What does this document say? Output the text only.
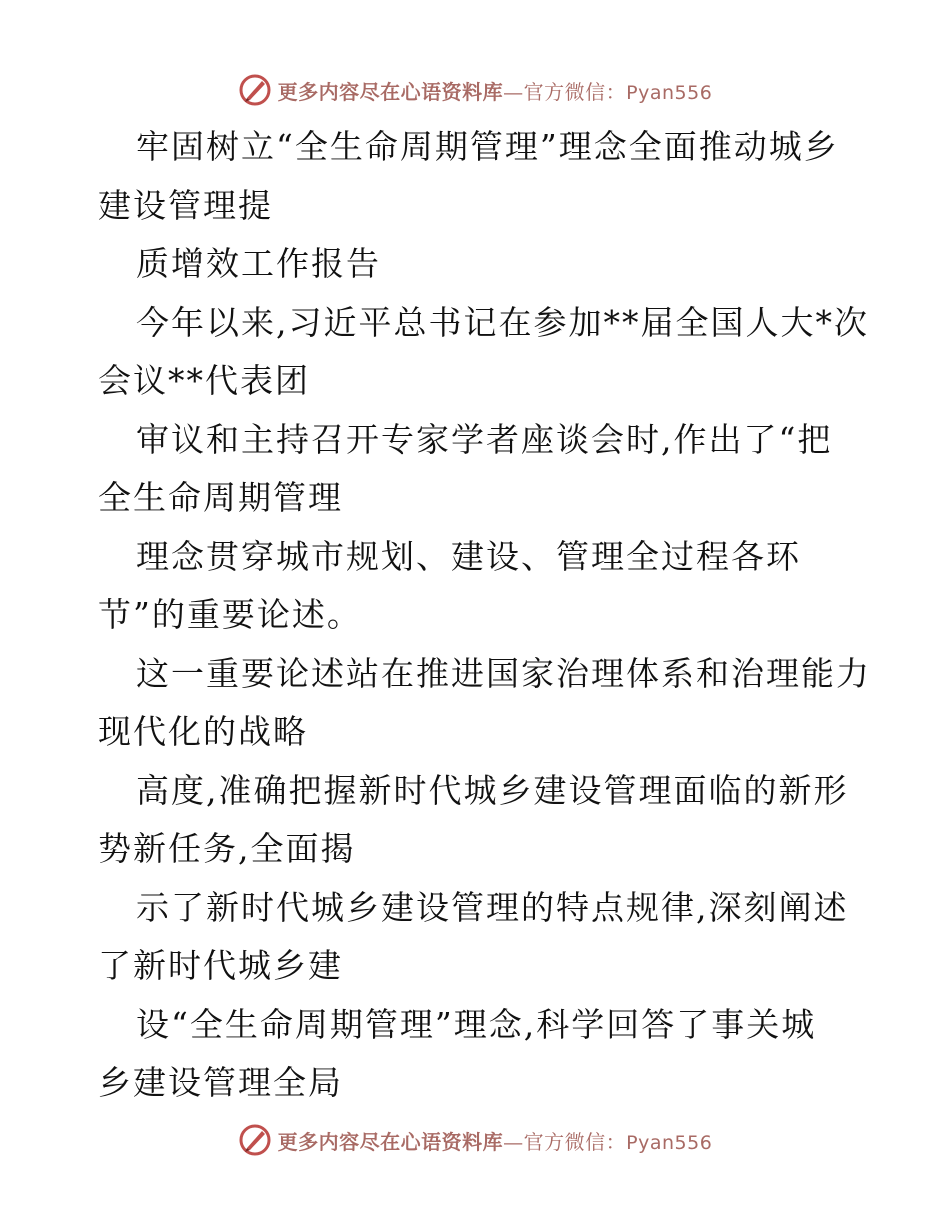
更多内容尽在心语资料库—官方微信：Pyan556
牢固树立“全生命周期管理”理念全面推动城乡
建设管理提
质增效工作报告
今年以来,习近平总书记在参加**届全国人大*次
会议**代表团
审议和主持召开专家学者座谈会时,作出了“把
全生命周期管理
理念贯穿城市规划、建设、管理全过程各环
节”的重要论述。
这一重要论述站在推进国家治理体系和治理能力
现代化的战略
高度,准确把握新时代城乡建设管理面临的新形
势新任务,全面揭
示了新时代城乡建设管理的特点规律,深刻阐述
了新时代城乡建
设“全生命周期管理”理念,科学回答了事关城
乡建设管理全局
更多内容尽在心语资料库—官方微信：Pyan556
